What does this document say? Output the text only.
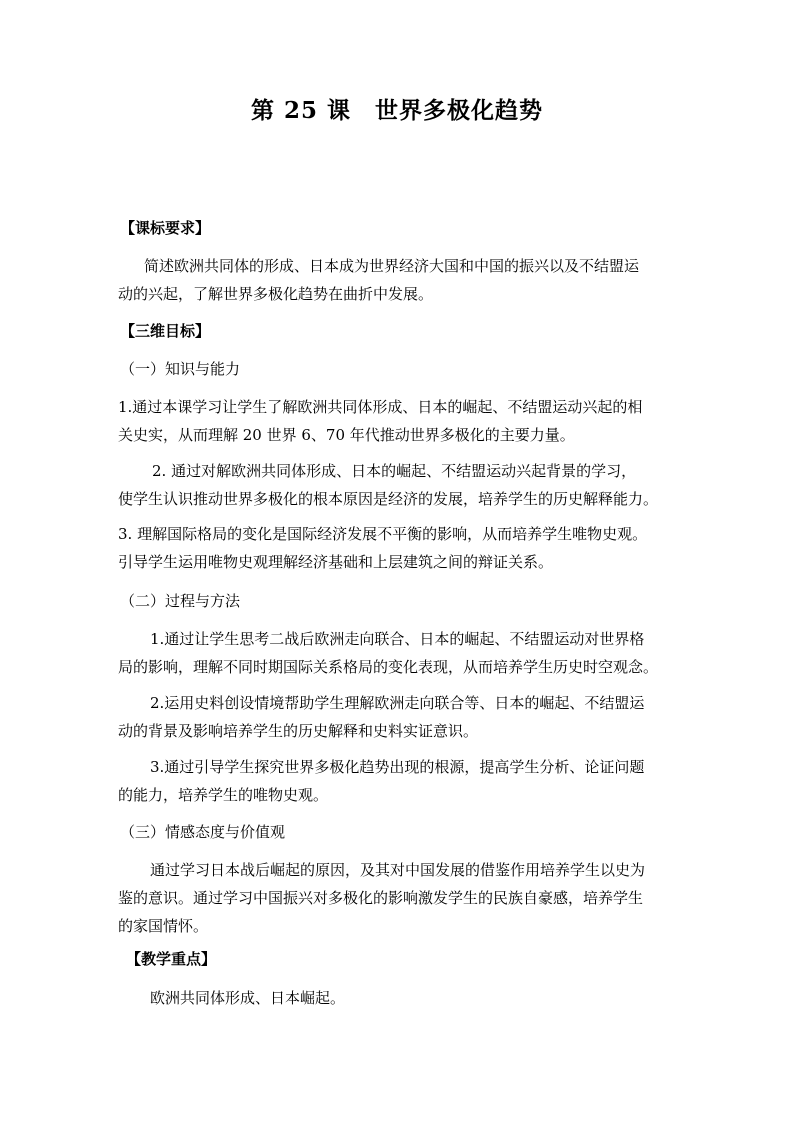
第 25 课　世界多极化趋势
【课标要求】
简述欧洲共同体的形成、日本成为世界经济大国和中国的振兴以及不结盟运
动的兴起，了解世界多极化趋势在曲折中发展。
【三维目标】
（一）知识与能力
1.通过本课学习让学生了解欧洲共同体形成、日本的崛起、不结盟运动兴起的相
关史实，从而理解 20 世界 6、70 年代推动世界多极化的主要力量。
2. 通过对解欧洲共同体形成、日本的崛起、不结盟运动兴起背景的学习，
使学生认识推动世界多极化的根本原因是经济的发展，培养学生的历史解释能力。
3. 理解国际格局的变化是国际经济发展不平衡的影响，从而培养学生唯物史观。
引导学生运用唯物史观理解经济基础和上层建筑之间的辩证关系。
（二）过程与方法
1.通过让学生思考二战后欧洲走向联合、日本的崛起、不结盟运动对世界格
局的影响，理解不同时期国际关系格局的变化表现，从而培养学生历史时空观念。
2.运用史料创设情境帮助学生理解欧洲走向联合等、日本的崛起、不结盟运
动的背景及影响培养学生的历史解释和史料实证意识。
3.通过引导学生探究世界多极化趋势出现的根源，提高学生分析、论证问题
的能力，培养学生的唯物史观。
（三）情感态度与价值观
通过学习日本战后崛起的原因，及其对中国发展的借鉴作用培养学生以史为
鉴的意识。通过学习中国振兴对多极化的影响激发学生的民族自豪感，培养学生
的家国情怀。
【教学重点】
欧洲共同体形成、日本崛起。
